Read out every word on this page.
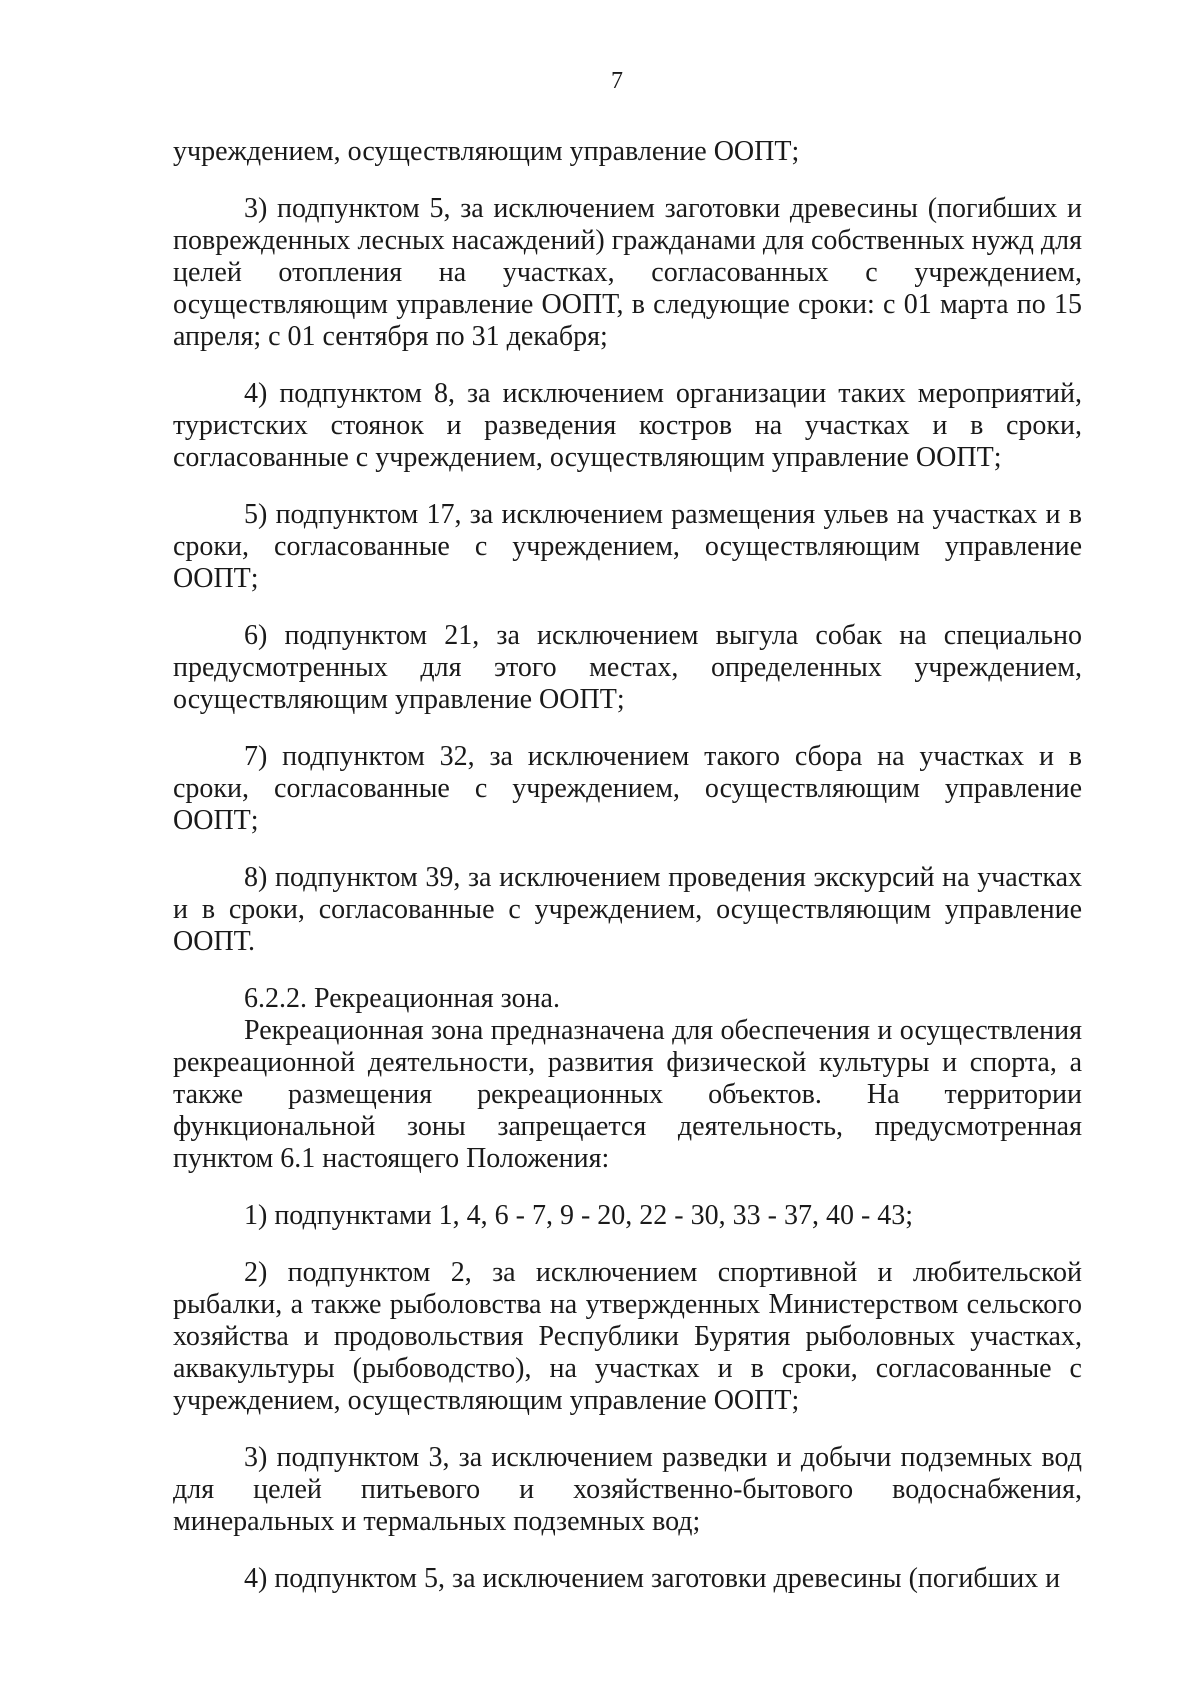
7

учреждением, осуществляющим управление ООПТ;

3) подпунктом 5, за исключением заготовки древесины (погибших и поврежденных лесных насаждений) гражданами для собственных нужд для целей отопления на участках, согласованных с учреждением, осуществляющим управление ООПТ, в следующие сроки: с 01 марта по 15 апреля; с 01 сентября по 31 декабря;

4) подпунктом 8, за исключением организации таких мероприятий, туристских стоянок и разведения костров на участках и в сроки, согласованные с учреждением, осуществляющим управление ООПТ;

5) подпунктом 17, за исключением размещения ульев на участках и в сроки, согласованные с учреждением, осуществляющим управление ООПТ;

6) подпунктом 21, за исключением выгула собак на специально предусмотренных для этого местах, определенных учреждением, осуществляющим управление ООПТ;

7) подпунктом 32, за исключением такого сбора на участках и в сроки, согласованные с учреждением, осуществляющим управление ООПТ;

8) подпунктом 39, за исключением проведения экскурсий на участках и в сроки, согласованные с учреждением, осуществляющим управление ООПТ.

6.2.2. Рекреационная зона.

Рекреационная зона предназначена для обеспечения и осуществления рекреационной деятельности, развития физической культуры и спорта, а также размещения рекреационных объектов. На территории функциональной зоны запрещается деятельность, предусмотренная пунктом 6.1 настоящего Положения:

1) подпунктами 1, 4, 6 - 7, 9 - 20, 22 - 30, 33 - 37, 40 - 43;

2) подпунктом 2, за исключением спортивной и любительской рыбалки, а также рыболовства на утвержденных Министерством сельского хозяйства и продовольствия Республики Бурятия рыболовных участках, аквакультуры (рыбоводство), на участках и в сроки, согласованные с учреждением, осуществляющим управление ООПТ;

3) подпунктом 3, за исключением разведки и добычи подземных вод для целей питьевого и хозяйственно-бытового водоснабжения, минеральных и термальных подземных вод;

4) подпунктом 5, за исключением заготовки древесины (погибших и
